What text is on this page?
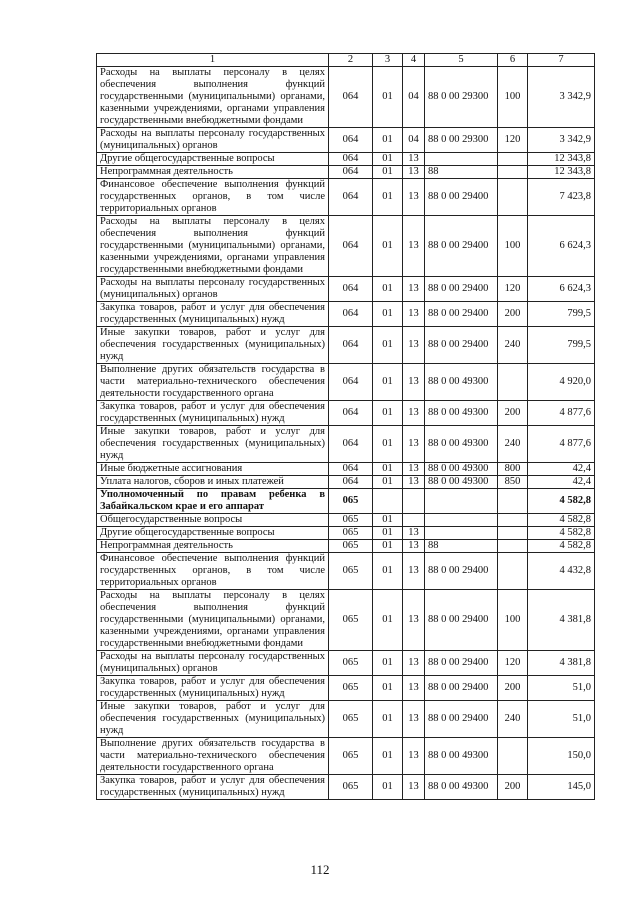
1	2	3	4	5	6	7
Расходы на выплаты персоналу в целях обеспечения выполнения функций государственными (муниципальными) органами, казенными учреждениями, органами управления государственными внебюджетными фондами	064	01	04	88 0 00 29300	100	3 342,9
Расходы на выплаты персоналу государственных (муниципальных) органов	064	01	04	88 0 00 29300	120	3 342,9
Другие общегосударственные вопросы	064	01	13			12 343,8
Непрограммная деятельность	064	01	13	88		12 343,8
Финансовое обеспечение выполнения функций государственных органов, в том числе территориальных органов	064	01	13	88 0 00 29400		7 423,8
Расходы на выплаты персоналу в целях обеспечения выполнения функций государственными (муниципальными) органами, казенными учреждениями, органами управления государственными внебюджетными фондами	064	01	13	88 0 00 29400	100	6 624,3
Расходы на выплаты персоналу государственных (муниципальных) органов	064	01	13	88 0 00 29400	120	6 624,3
Закупка товаров, работ и услуг для обеспечения государственных (муниципальных) нужд	064	01	13	88 0 00 29400	200	799,5
Иные закупки товаров, работ и услуг для обеспечения государственных (муниципальных) нужд	064	01	13	88 0 00 29400	240	799,5
Выполнение других обязательств государства в части материально-технического обеспечения деятельности государственного органа	064	01	13	88 0 00 49300		4 920,0
Закупка товаров, работ и услуг для обеспечения государственных (муниципальных) нужд	064	01	13	88 0 00 49300	200	4 877,6
Иные закупки товаров, работ и услуг для обеспечения государственных (муниципальных) нужд	064	01	13	88 0 00 49300	240	4 877,6
Иные бюджетные ассигнования	064	01	13	88 0 00 49300	800	42,4
Уплата налогов, сборов и иных платежей	064	01	13	88 0 00 49300	850	42,4
Уполномоченный по правам ребенка в Забайкальском крае и его аппарат	065					4 582,8
Общегосударственные вопросы	065	01				4 582,8
Другие общегосударственные вопросы	065	01	13			4 582,8
Непрограммная деятельность	065	01	13	88		4 582,8
Финансовое обеспечение выполнения функций государственных органов, в том числе территориальных органов	065	01	13	88 0 00 29400		4 432,8
Расходы на выплаты персоналу в целях обеспечения выполнения функций государственными (муниципальными) органами, казенными учреждениями, органами управления государственными внебюджетными фондами	065	01	13	88 0 00 29400	100	4 381,8
Расходы на выплаты персоналу государственных (муниципальных) органов	065	01	13	88 0 00 29400	120	4 381,8
Закупка товаров, работ и услуг для обеспечения государственных (муниципальных) нужд	065	01	13	88 0 00 29400	200	51,0
Иные закупки товаров, работ и услуг для обеспечения государственных (муниципальных) нужд	065	01	13	88 0 00 29400	240	51,0
Выполнение других обязательств государства в части материально-технического обеспечения деятельности государственного органа	065	01	13	88 0 00 49300		150,0
Закупка товаров, работ и услуг для обеспечения государственных (муниципальных) нужд	065	01	13	88 0 00 49300	200	145,0
112
